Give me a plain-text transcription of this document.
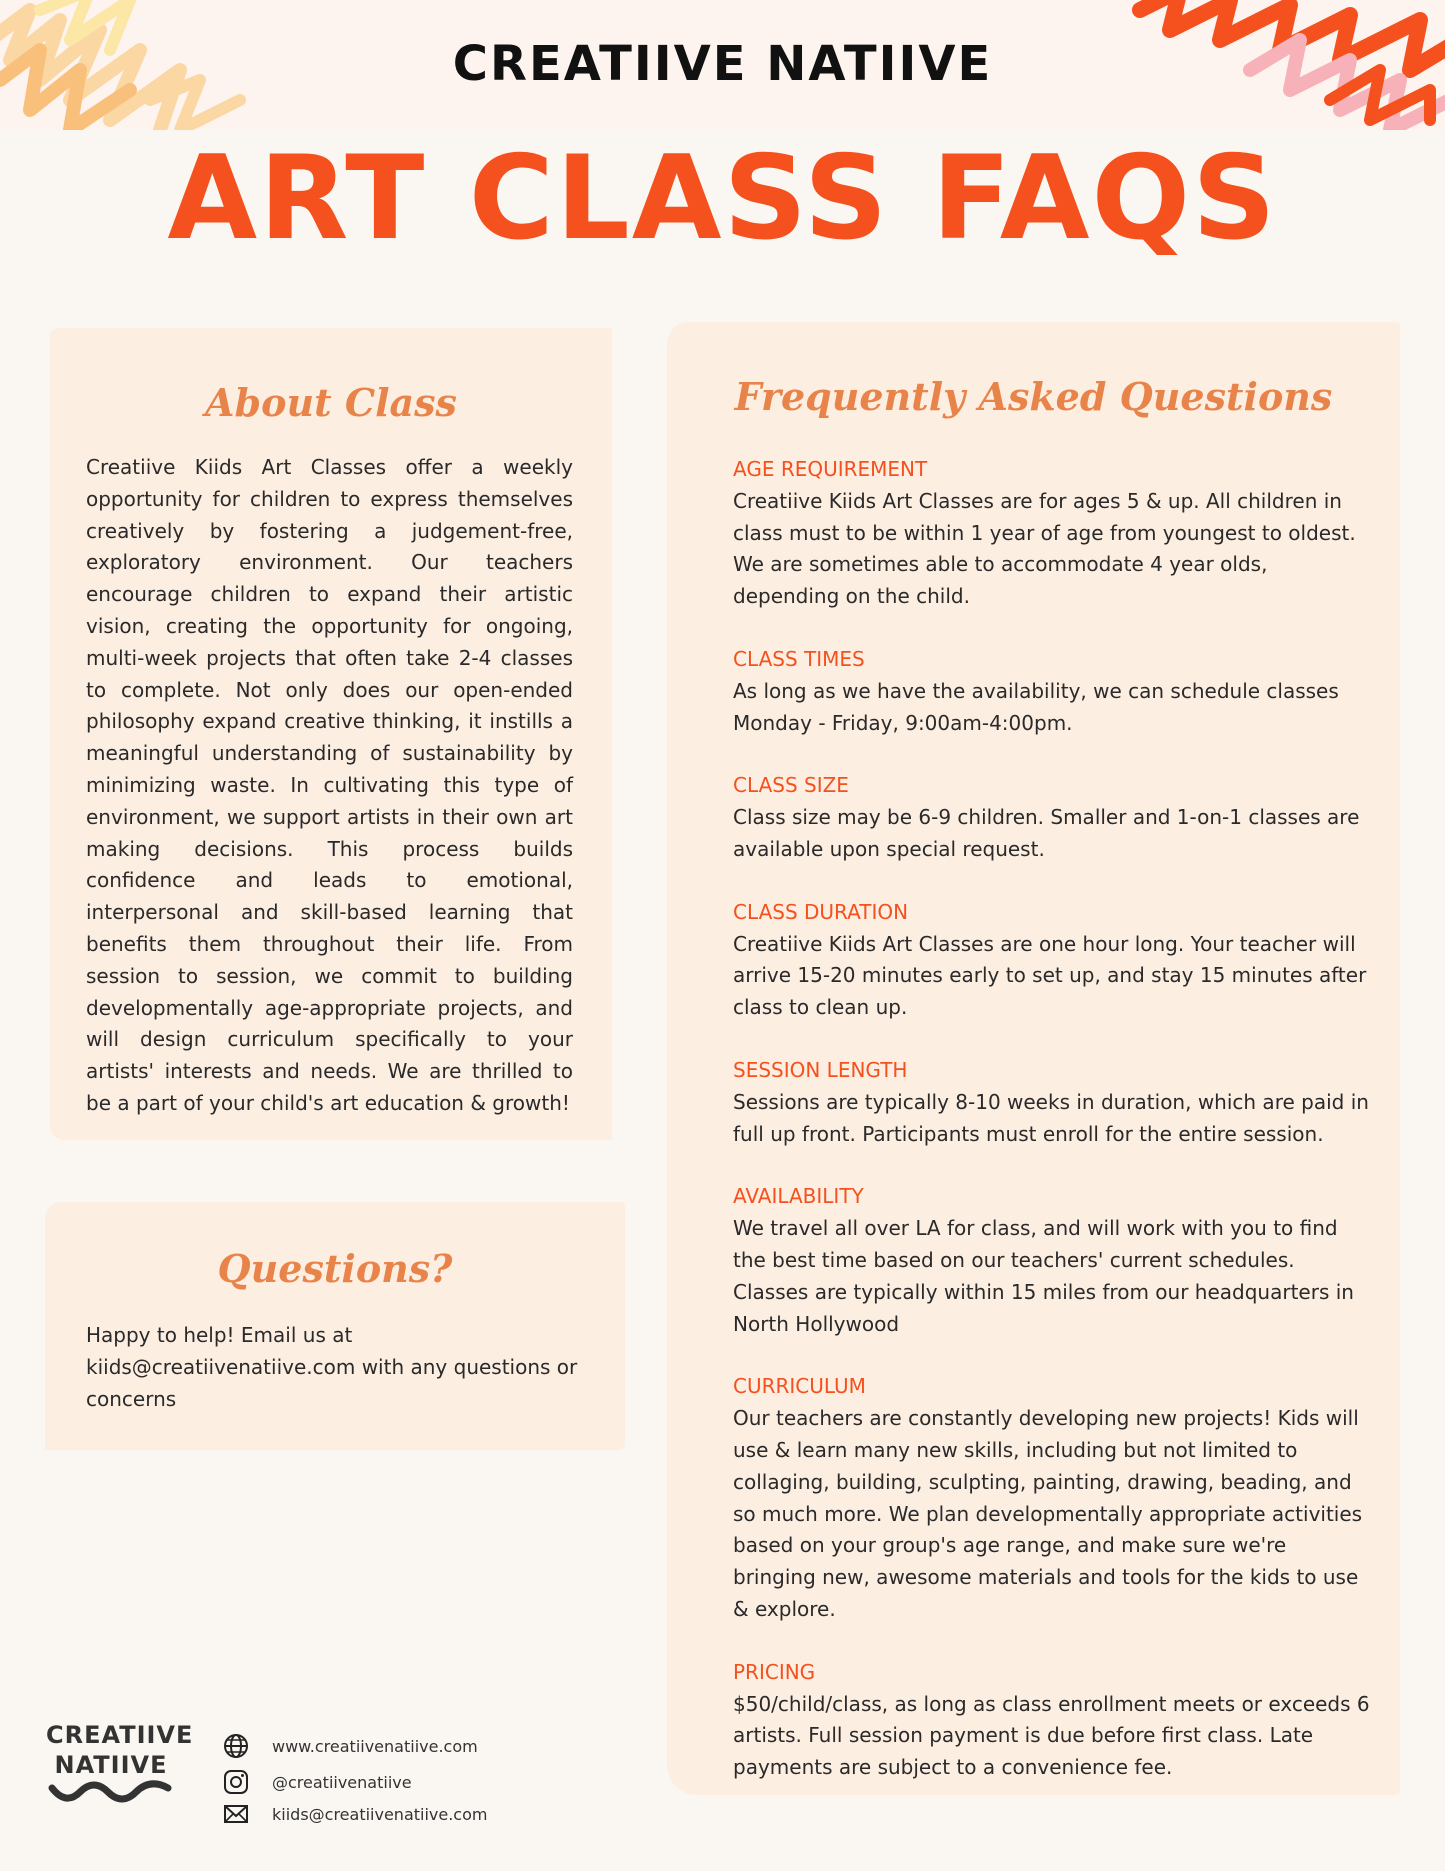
CREATIIVE NATIIVE
ART CLASS FAQS
About Class
Creatiive Kiids Art Classes offer a weekly opportunity for children to express themselves creatively by fostering a judgement-free, exploratory environment. Our teachers encourage children to expand their artistic vision, creating the opportunity for ongoing, multi-week projects that often take 2-4 classes to complete. Not only does our open-ended philosophy expand creative thinking, it instills a meaningful understanding of sustainability by minimizing waste. In cultivating this type of environment, we support artists in their own art making decisions. This process builds confidence and leads to emotional, interpersonal and skill-based learning that benefits them throughout their life. From session to session, we commit to building developmentally age-appropriate projects, and will design curriculum specifically to your artists' interests and needs. We are thrilled to be a part of your child's art education & growth!
Questions?
Happy to help! Email us at kiids@creatiivenatiive.com with any questions or concerns
Frequently Asked Questions
AGE REQUIREMENT
Creatiive Kiids Art Classes are for ages 5 & up. All children in class must to be within 1 year of age from youngest to oldest. We are sometimes able to accommodate 4 year olds, depending on the child.
CLASS TIMES
As long as we have the availability, we can schedule classes Monday - Friday, 9:00am-4:00pm.
CLASS SIZE
Class size may be 6-9 children. Smaller and 1-on-1 classes are available upon special request.
CLASS DURATION
Creatiive Kiids Art Classes are one hour long. Your teacher will arrive 15-20 minutes early to set up, and stay 15 minutes after class to clean up.
SESSION LENGTH
Sessions are typically 8-10 weeks in duration, which are paid in full up front. Participants must enroll for the entire session.
AVAILABILITY
We travel all over LA for class, and will work with you to find the best time based on our teachers' current schedules. Classes are typically within 15 miles from our headquarters in North Hollywood
CURRICULUM
Our teachers are constantly developing new projects! Kids will use & learn many new skills, including but not limited to collaging, building, sculpting, painting, drawing, beading, and so much more. We plan developmentally appropriate activities based on your group's age range, and make sure we're bringing new, awesome materials and tools for the kids to use & explore.
PRICING
$50/child/class, as long as class enrollment meets or exceeds 6 artists. Full session payment is due before first class. Late payments are subject to a convenience fee.
CREATIIVE
NATIIVE
www.creatiivenatiive.com
@creatiivenatiive
kiids@creatiivenatiive.com
